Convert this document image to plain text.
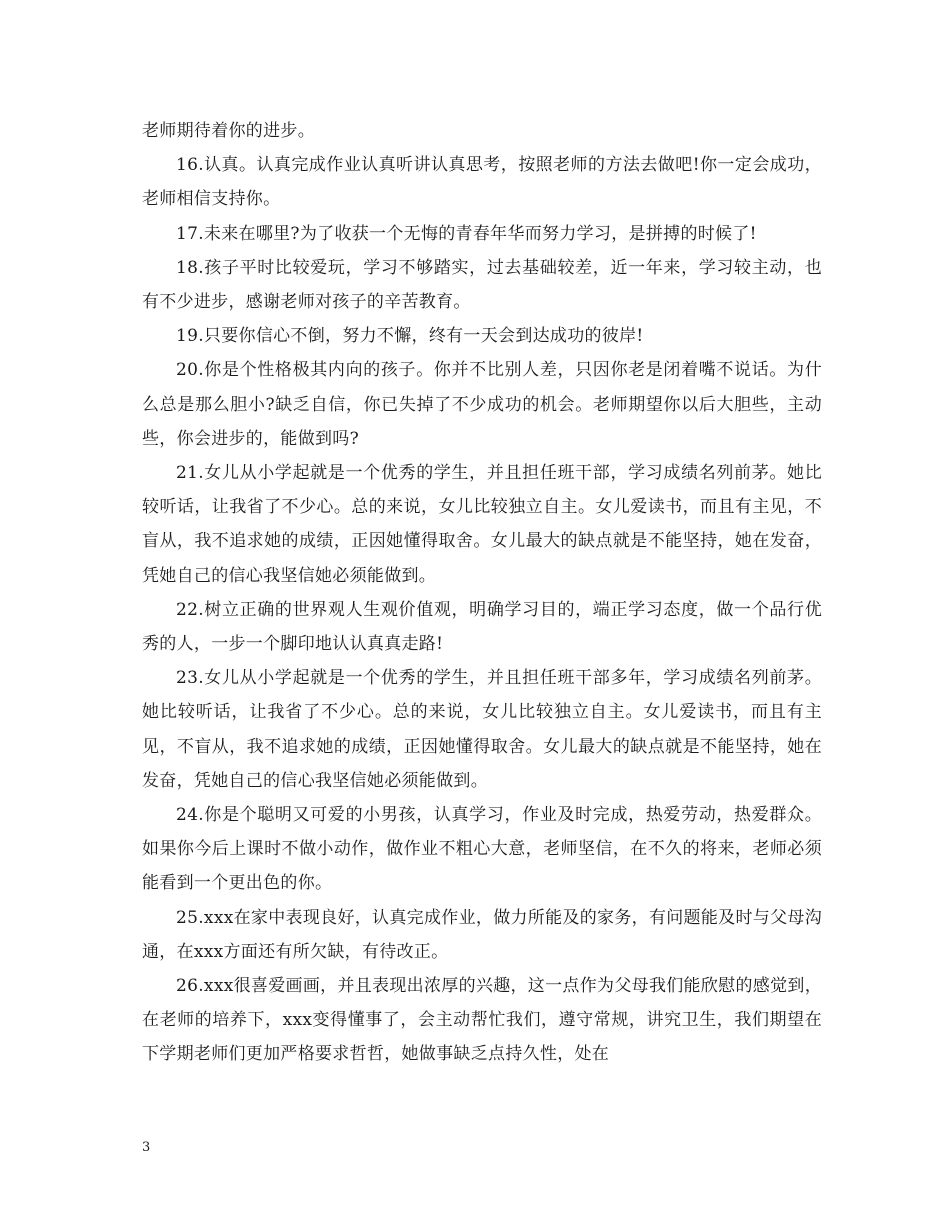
老师期待着你的进步。

16.认真。认真完成作业认真听讲认真思考，按照老师的方法去做吧!你一定会成功，老师相信支持你。

17.未来在哪里?为了收获一个无悔的青春年华而努力学习，是拼搏的时候了!

18.孩子平时比较爱玩，学习不够踏实，过去基础较差，近一年来，学习较主动，也有不少进步，感谢老师对孩子的辛苦教育。

19.只要你信心不倒，努力不懈，终有一天会到达成功的彼岸!

20.你是个性格极其内向的孩子。你并不比别人差，只因你老是闭着嘴不说话。为什么总是那么胆小?缺乏自信，你已失掉了不少成功的机会。老师期望你以后大胆些，主动些，你会进步的，能做到吗?

21.女儿从小学起就是一个优秀的学生，并且担任班干部，学习成绩名列前茅。她比较听话，让我省了不少心。总的来说，女儿比较独立自主。女儿爱读书，而且有主见，不盲从，我不追求她的成绩，正因她懂得取舍。女儿最大的缺点就是不能坚持，她在发奋，凭她自己的信心我坚信她必须能做到。

22.树立正确的世界观人生观价值观，明确学习目的，端正学习态度，做一个品行优秀的人，一步一个脚印地认认真真走路!

23.女儿从小学起就是一个优秀的学生，并且担任班干部多年，学习成绩名列前茅。她比较听话，让我省了不少心。总的来说，女儿比较独立自主。女儿爱读书，而且有主见，不盲从，我不追求她的成绩，正因她懂得取舍。女儿最大的缺点就是不能坚持，她在发奋，凭她自己的信心我坚信她必须能做到。

24.你是个聪明又可爱的小男孩，认真学习，作业及时完成，热爱劳动，热爱群众。如果你今后上课时不做小动作，做作业不粗心大意，老师坚信，在不久的将来，老师必须能看到一个更出色的你。

25.xxx在家中表现良好，认真完成作业，做力所能及的家务，有问题能及时与父母沟通，在xxx方面还有所欠缺，有待改正。

26.xxx很喜爱画画，并且表现出浓厚的兴趣，这一点作为父母我们能欣慰的感觉到，在老师的培养下，xxx变得懂事了，会主动帮忙我们，遵守常规，讲究卫生，我们期望在下学期老师们更加严格要求哲哲，她做事缺乏点持久性，处在

3
